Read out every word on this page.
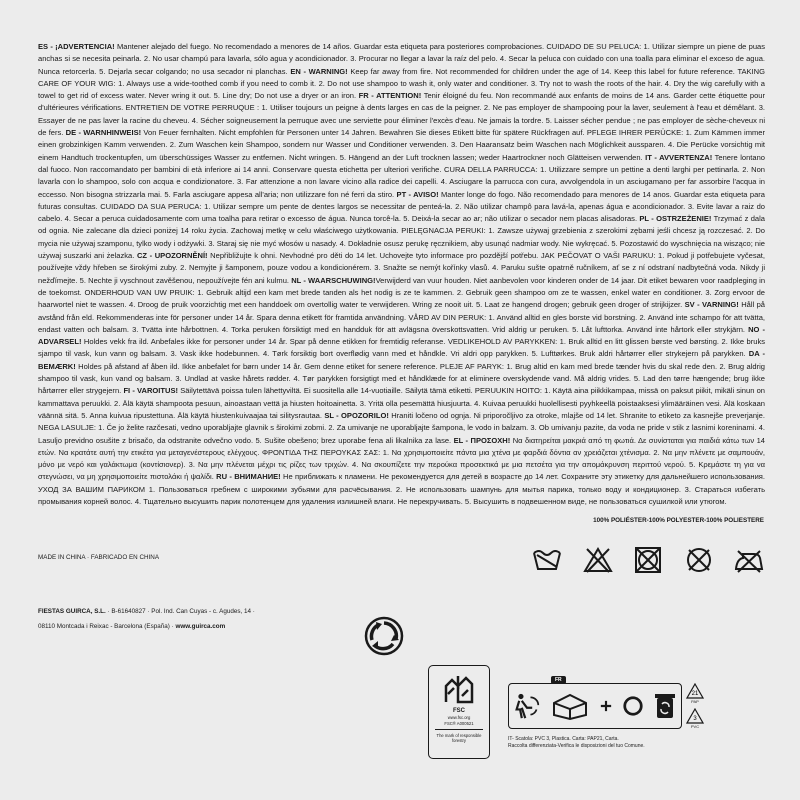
ES - ¡ADVERTENCIA! Mantener alejado del fuego. No recomendado a menores de 14 años. Guardar esta etiqueta para posteriores comprobaciones. CUIDADO DE SU PELUCA: 1. Utilizar siempre un piene de puas anchas si se necesita peinarla. 2. No usar champú para lavarla, sólo agua y acondicionador. 3. Procurar no llegar a lavar la raíz del pelo. 4. Secar la peluca con cuidado con una toalla para eliminar el exceso de agua. Nunca retorcerla. 5. Dejarla secar colgando; no usa secador ni planchas. EN - WARNING! Keep far away from fire. Not recommended for children under the age of 14. Keep this label for future reference. TAKING CARE OF YOUR WIG: 1. Always use a wide-toothed comb if you need to comb it. 2. Do not use shampoo to wash it, only water and conditioner. 3. Try not to wash the roots of the hair. 4. Dry the wig carefully with a towel to get rid of excess water. Never wring it out. 5. Line dry; Do not use a dryer or an iron. FR - ATTENTION! Tenir éloigné du feu. Non recommandé aux enfants de moins de 14 ans. Garder cette étiquette pour d'ultérieures vérifications. ENTRETIEN DE VOTRE PERRUQUE : 1. Utiliser toujours un peigne à dents larges en cas de la peigner. 2. Ne pas employer de shampooing pour la laver, seulement à l'eau et démêlant. 3. Essayer de ne pas laver la racine du cheveu. 4. Sécher soigneusement la perruque avec une serviette pour éliminer l'excès d'eau. Ne jamais la tordre. 5. Laisser sécher pendue ; ne pas employer de sèche-cheveux ni de fers. DE - WARNHINWEIS! Von Feuer fernhalten. Nicht empfohlen für Personen unter 14 Jahren. Bewahren Sie dieses Etikett bitte für spätere Rückfragen auf. PFLEGE IHRER PERÜCKE: 1. Zum Kämmen immer einen grobzinkigen Kamm verwenden. 2. Zum Waschen kein Shampoo, sondern nur Wasser und Conditioner verwenden. 3. Den Haaransatz beim Waschen nach Möglichkeit aussparen. 4. Die Perücke vorsichtig mit einem Handtuch trockentupfen, um überschüssiges Wasser zu entfernen. Nicht wringen. 5. Hängend an der Luft trocknen lassen; weder Haartrockner noch Glätteisen verwenden. IT - AVVERTENZA! Tenere lontano dal fuoco. Non raccomandato per bambini di età inferiore ai 14 anni. Conservare questa etichetta per ulteriori verifiche. CURA DELLA PARRUCCA: 1. Utilizzare sempre un pettine a denti larghi per pettinarla. 2. Non lavarla con lo shampoo, solo con acqua e condizionatore. 3. Far attenzione a non lavare vicino alla radice dei capelli. 4. Asciugare la parrucca con cura, avvolgendola in un asciugamano per far assorbire l'acqua in eccesso. Non bisogna strizzarla mai. 5. Farla asciugare appesa all'aria; non utilizzare fon né ferri da stiro. PT - AVISO! Manter longe do fogo. Não recomendado para menores de 14 anos. Guardar esta etiqueta para futuras consultas. CUIDADO DA SUA PERUCA: 1. Utilizar sempre um pente de dentes largos se necessitar de penteá-la. 2. Não utilizar champô para lavá-la, apenas água e acondicionador. 3. Evite lavar a raiz do cabelo. 4. Secar a peruca cuidadosamente com uma toalha para retirar o excesso de água. Nunca torcê-la. 5. Deixá-la secar ao ar; não utilizar o secador nem placas alisadoras. PL - OSTRZEŻENIE! Trzymać z dala od ognia. Nie zalecane dla dzieci poniżej 14 roku życia. Zachowaj metkę w celu właściwego użytkowania. PIELĘGNACJA PERUKI: 1. Zawsze używaj grzebienia z szerokimi zębami jeśli chcesz ją rozczesać. 2. Do mycia nie używaj szamponu, tylko wody i odżywki. 3. Staraj się nie myć włosów u nasady. 4. Dokładnie osusz perukę ręcznikiem, aby usunąć nadmiar wody. Nie wykręcać. 5. Pozostawić do wyschnięcia na wisząco; nie używaj suszarki ani żelazka. CZ - UPOZORNĚNÍ! Nepřibližujte k ohni. Nevhodné pro děti do 14 let. Uchovejte tyto informace pro pozdější potřebu. JAK PEČOVAT O VAŠI PARUKU: 1. Pokud ji potřebujete vyčesat, používejte vždy hřeben se širokými zuby. 2. Nemyjte ji šamponem, pouze vodou a kondicionérem. 3. Snažte se nemýt kořínky vlasů. 4. Paruku sušte opatrně ručníkem, ať se z ní odstraní nadbytečná voda. Nikdy ji nežďímejte. 5. Nechte ji vyschnout zavěšenou, nepoužívejte fén ani kulmu. NL - WAARSCHUWING!Verwijderd van vuur houden. Niet aanbevolen voor kinderen onder de 14 jaar. Dit etiket bewaren voor raadpleging in de toekomst. ONDERHOUD VAN UW PRUIK: 1. Gebruik altijd een kam met brede tanden als het nodig is ze te kammen. 2. Gebruik geen shampoo om ze te wassen, enkel water en conditioner. 3. Zorg ervoor de haarwortel niet te wassen. 4. Droog de pruik voorzichtig met een handdoek om overtollig water te verwijderen. Wring ze nooit uit. 5. Laat ze hangend drogen; gebruik geen droger of strijkijzer. SV - VARNING! Håll på avstånd från eld. Rekommenderas inte för personer under 14 år. Spara denna etikett för framtida användning. VÅRD AV DIN PERUK: 1. Använd alltid en gles borste vid borstning. 2. Använd inte schampo för att tvätta, endast vatten och balsam. 3. Tvätta inte hårbottnen. 4. Torka peruken försiktigt med en handduk för att avlägsna överskottsvatten. Vrid aldrig ur peruken. 5. Låt lufttorka. Använd inte hårtork eller strykjärn. NO - ADVARSEL! Holdes vekk fra ild. Anbefales ikke for personer under 14 år. Spar på denne etikken for fremtidig referanse. VEDLIKEHOLD AV PARYKKEN: 1. Bruk alltid en litt glissen børste ved børsting. 2. Ikke bruks sjampo til vask, kun vann og balsam. 3. Vask ikke hodebunnen. 4. Tørk forsiktig bort overflødig vann med et håndkle. Vri aldri opp parykken. 5. Lufttørkes. Bruk aldri hårtørrer eller strykejern på parykken. DA - BEMÆRK! Holdes på afstand af åben ild. Ikke anbefalet for børn under 14 år. Gem denne etiket for senere reference. PLEJE AF PARYK: 1. Brug altid en kam med brede tænder hvis du skal rede den. 2. Brug aldrig shampoo til vask, kun vand og balsam. 3. Undlad at vaske hårets rødder. 4. Tør parykken forsigtigt med et håndklæde for at eliminere overskydende vand. Må aldrig vrides. 5. Lad den tørre hængende; brug ikke hårtørrer eller strygejern. FI - VAROITUS! Säilytettävä poissa tulen lähettyviltä. Ei suositella alle 14-vuotiaille. Säilytä tämä etiketti. PERUUKIN HOITO: 1. Käytä aina piikkikampaa, missä on paksut piikit, mikäli sinun on kammattava peruukki. 2. Älä käytä shampoota pesuun, ainoastaan vettä ja hiusten hoitoainetta. 3. Yritä olla pesemättä hiusjuurta. 4. Kuivaa peruukki huolellisesti pyyhkeellä poistaaksesi ylimääräinen vesi. Älä koskaan väännä sitä. 5. Anna kuivua ripustettuna. Älä käytä hiustenkuivaajaa tai silitysrautaa. SL - OPOZORILO! Hraniti ločeno od ognja. Ni priporočljivo za otroke, mlajše od 14 let. Shranite to etiketo za kasnejše preverjanje. NEGA LASULJE: 1. Če jo želite razčesati, vedno uporabljajte glavnik s širokimi zobmi. 2. Za umivanje ne uporabljajte šampona, le vodo in balzam. 3. Ob umivanju pazite, da voda ne pride v stik z lasnimi koreninami. 4. Lasuljo previdno osušite z brisačo, da odstranite odvečno vodo. 5. Sušite obešeno; brez uporabe fena ali likalnika za lase. EL - ΠΡΟΣΟΧΗ! Να διατηρείται μακριά από τη φωτιά. Δε συνίσταται για παιδιά κάτω των 14 ετών. Να κρατάτε αυτή την ετικέτα για μεταγενέστερους ελέγχους. ΦΡΟΝΤΙΔΑ ΤΗΣ ΠΕΡΟΥΚΑΣ ΣΑΣ: 1. Να χρησιμοποιείτε πάντα μια χτένα με φαρδιά δόντια αν χρειάζεται χτένισμα. 2. Να μην πλένετε με σαμπουάν, μόνο με νερό και γαλάκτωμα (κοντίσιονερ). 3. Να μην πλένεται μέχρι τις ρίζες των τριχών. 4. Να σκουπίζετε την περούκα προσεκτικά με μια πετσέτα για την απομάκρυνση περιττού νερού. 5. Κρεμάστε τη για να στεγνώσει, να μη χρησιμοποιείτε πιστολάκι ή ψαλίδι. RU - ВНИМАНИЕ! Не приближать к пламени. Не рекомендуется для детей в возрасте до 14 лет. Сохраните эту этикетку для дальнейшего использования. УХОД ЗА ВАШИМ ПАРИКОМ 1. Пользоваться гребнем с широкими зубьями для расчёсывания. 2. Не использовать шампунь для мытья парика, только воду и кондиционер. 3. Стараться избегать промывания корней волос. 4. Тщательно высушить парик полотенцем для удаления излишней влаги. Не перекручивать. 5. Высушить в подвешенном виде, не пользоваться сушилкой или утюгом.
100% POLIÉSTER-100% POLYESTER-100% POLIESTERE
MADE IN CHINA · FABRICADO EN CHINA
FIESTAS GUIRCA, S.L. · B-61640827 · Pol. Ind. Can Cuyas - c. Agudes, 14 ·
08110 Montcada i Reixac - Barcelona (España) · www.guirca.com
FSC
www.fsc.org
FSC® A000521
The mark of responsible forestry
FR
21
PAP
3
PVC
IT- Scatola: PVC 3, Plastica. Carta: PAP21, Carta.
Raccolta differenziata-Verifica le disposizioni del tuo Comune.
